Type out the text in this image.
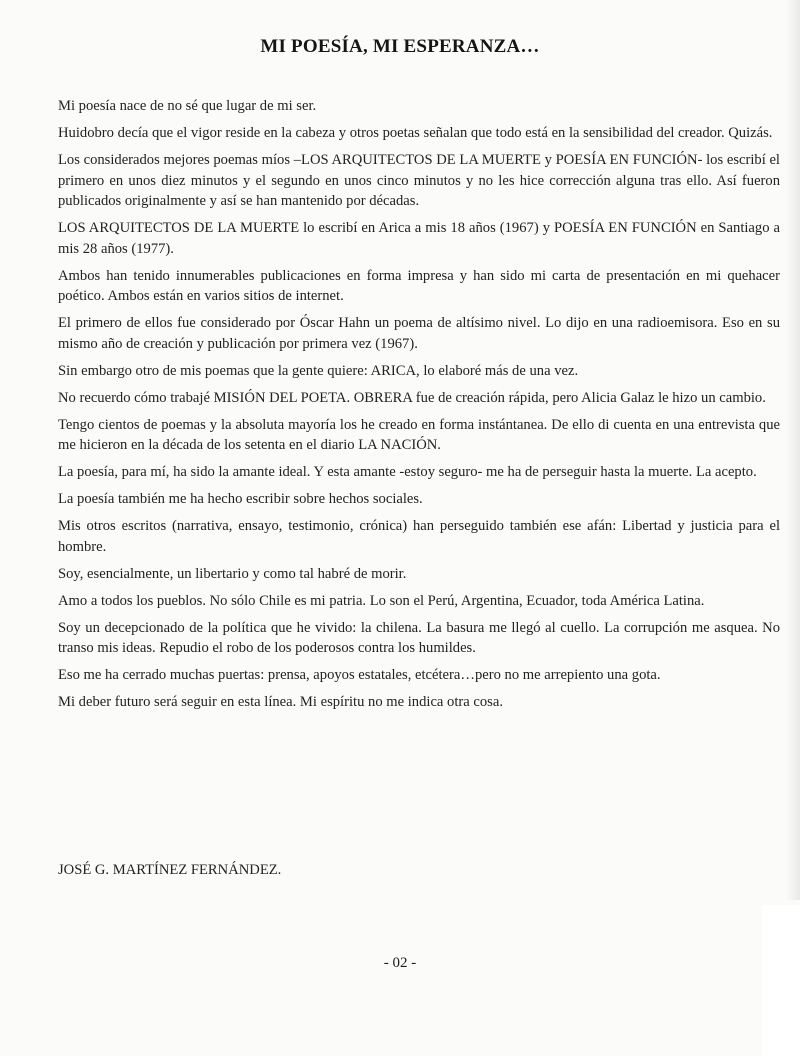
MI POESÍA, MI ESPERANZA…

Mi poesía nace de no sé que lugar de mi ser.

Huidobro decía que el vigor reside en la cabeza y otros poetas señalan que todo está en la sensibilidad del creador. Quizás.

Los considerados mejores poemas míos –LOS ARQUITECTOS DE LA MUERTE y POESÍA EN FUNCIÓN- los escribí el primero en unos diez minutos y el segundo en unos cinco minutos y no les hice corrección alguna tras ello. Así fueron publicados originalmente y así se han mantenido por décadas.

LOS ARQUITECTOS DE LA MUERTE lo escribí en Arica a mis 18 años (1967) y POESÍA EN FUNCIÓN en Santiago a mis 28 años (1977).

Ambos han tenido innumerables publicaciones en forma impresa y han sido mi carta de presentación en mi quehacer poético. Ambos están en varios sitios de internet.

El primero de ellos fue considerado por Óscar Hahn un poema de altísimo nivel. Lo dijo en una radioemisora. Eso en su mismo año de creación y publicación por primera vez (1967).

Sin embargo otro de mis poemas que la gente quiere: ARICA, lo elaboré más de una vez.

No recuerdo cómo trabajé MISIÓN DEL POETA. OBRERA fue de creación rápida, pero Alicia Galaz le hizo un cambio.

Tengo cientos de poemas y la absoluta mayoría los he creado en forma instántanea. De ello di cuenta en una entrevista que me hicieron en la década de los setenta en el diario LA NACIÓN.

La poesía, para mí, ha sido la amante ideal. Y esta amante -estoy seguro- me ha de perseguir hasta la muerte. La acepto.

La poesía también me ha hecho escribir sobre hechos sociales.

Mis otros escritos (narrativa, ensayo, testimonio, crónica) han perseguido también ese afán: Libertad y justicia para el hombre.

Soy, esencialmente, un libertario y como tal habré de morir.

Amo a todos los pueblos. No sólo Chile es mi patria. Lo son el Perú, Argentina, Ecuador, toda América Latina.

Soy un decepcionado de la política que he vivido: la chilena. La basura me llegó al cuello. La corrupción me asquea. No transo mis ideas. Repudio el robo de los poderosos contra los humildes.

Eso me ha cerrado muchas puertas: prensa, apoyos estatales, etcétera…pero no me arrepiento una gota.

Mi deber futuro será seguir en esta línea. Mi espíritu no me indica otra cosa.

JOSÉ G. MARTÍNEZ FERNÁNDEZ.
- 02 -
